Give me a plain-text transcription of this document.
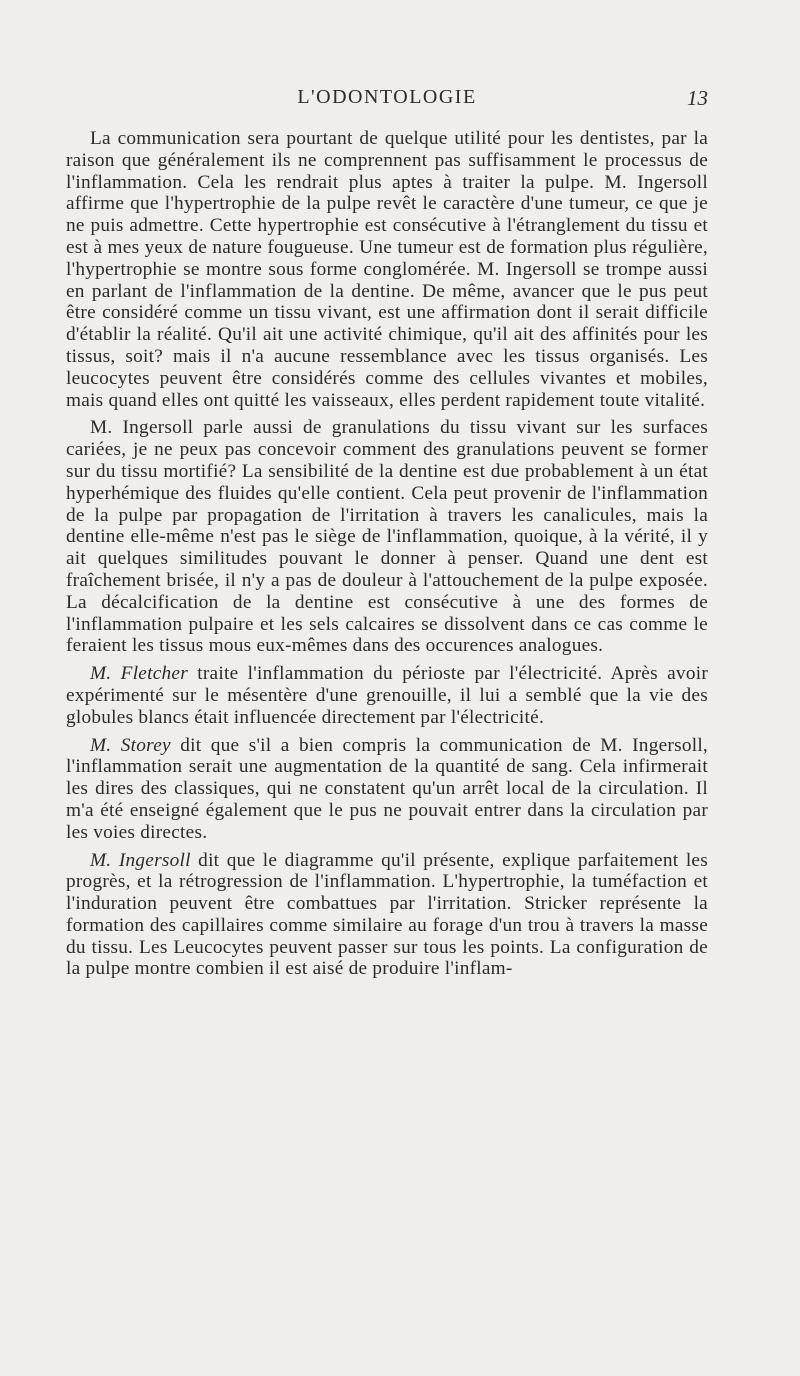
L'ODONTOLOGIE	13

La communication sera pourtant de quelque utilité pour les dentistes, par la raison que généralement ils ne comprennent pas suffisamment le processus de l'inflammation. Cela les rendrait plus aptes à traiter la pulpe. M. Ingersoll affirme que l'hypertrophie de la pulpe revêt le caractère d'une tumeur, ce que je ne puis admettre. Cette hypertrophie est consécutive à l'étranglement du tissu et est à mes yeux de nature fougueuse. Une tumeur est de formation plus régulière, l'hypertrophie se montre sous forme conglomérée. M. Ingersoll se trompe aussi en parlant de l'inflammation de la dentine. De même, avancer que le pus peut être considéré comme un tissu vivant, est une affirmation dont il serait difficile d'établir la réalité. Qu'il ait une activité chimique, qu'il ait des affinités pour les tissus, soit? mais il n'a aucune ressemblance avec les tissus organisés. Les leucocytes peuvent être considérés comme des cellules vivantes et mobiles, mais quand elles ont quitté les vaisseaux, elles perdent rapidement toute vitalité.

M. Ingersoll parle aussi de granulations du tissu vivant sur les surfaces cariées, je ne peux pas concevoir comment des granulations peuvent se former sur du tissu mortifié? La sensibilité de la dentine est due probablement à un état hyperhémique des fluides qu'elle contient. Cela peut provenir de l'inflammation de la pulpe par propagation de l'irritation à travers les canalicules, mais la dentine elle-même n'est pas le siège de l'inflammation, quoique, à la vérité, il y ait quelques similitudes pouvant le donner à penser. Quand une dent est fraîchement brisée, il n'y a pas de douleur à l'attouchement de la pulpe exposée. La décalcification de la dentine est consécutive à une des formes de l'inflammation pulpaire et les sels calcaires se dissolvent dans ce cas comme le feraient les tissus mous eux-mêmes dans des occurences analogues.

M. Fletcher traite l'inflammation du périoste par l'électricité. Après avoir expérimenté sur le mésentère d'une grenouille, il lui a semblé que la vie des globules blancs était influencée directement par l'électricité.

M. Storey dit que s'il a bien compris la communication de M. Ingersoll, l'inflammation serait une augmentation de la quantité de sang. Cela infirmerait les dires des classiques, qui ne constatent qu'un arrêt local de la circulation. Il m'a été enseigné également que le pus ne pouvait entrer dans la circulation par les voies directes.

M. Ingersoll dit que le diagramme qu'il présente, explique parfaitement les progrès, et la rétrogression de l'inflammation. L'hypertrophie, la tuméfaction et l'induration peuvent être combattues par l'irritation. Stricker représente la formation des capillaires comme similaire au forage d'un trou à travers la masse du tissu. Les Leucocytes peuvent passer sur tous les points. La configuration de la pulpe montre combien il est aisé de produire l'inflam-
